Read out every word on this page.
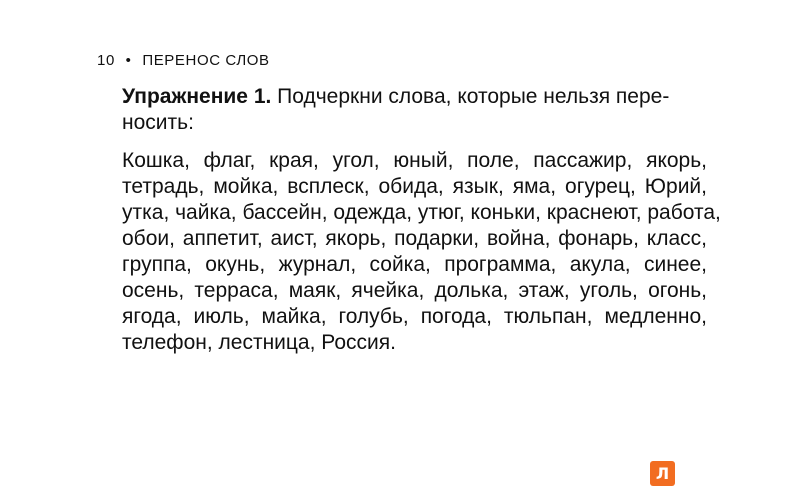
10 • ПЕРЕНОС СЛОВ
Упражнение 1. Подчеркни слова, которые нельзя пере-
носить:
Кошка, флаг, края, угол, юный, поле, пассажир, якорь,
тетрадь, мойка, всплеск, обида, язык, яма, огурец, Юрий,
утка, чайка, бассейн, одежда, утюг, коньки, краснеют, работа,
обои, аппетит, аист, якорь, подарки, война, фонарь, класс,
группа, окунь, журнал, сойка, программа, акула, синее,
осень, терраса, маяк, ячейка, долька, этаж, уголь, огонь,
ягода, июль, майка, голубь, погода, тюльпан, медленно,
телефон, лестница, Россия.
Л
